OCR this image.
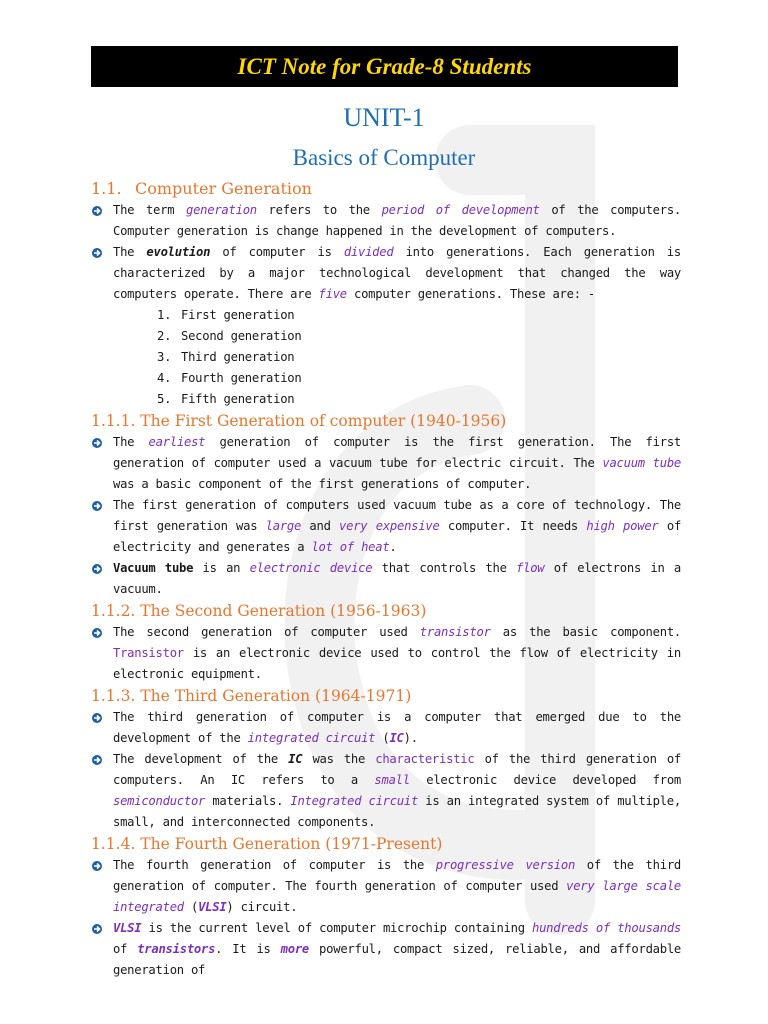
ICT Note for Grade-8 Students
UNIT-1
Basics of Computer
1.1. Computer Generation
The term generation refers to the period of development of the computers. Computer generation is change happened in the development of computers.
The evolution of computer is divided into generations. Each generation is characterized by a major technological development that changed the way computers operate. There are five computer generations. These are: -
1. First generation
2. Second generation
3. Third generation
4. Fourth generation
5. Fifth generation
1.1.1. The First Generation of computer (1940-1956)
The earliest generation of computer is the first generation. The first generation of computer used a vacuum tube for electric circuit. The vacuum tube was a basic component of the first generations of computer.
The first generation of computers used vacuum tube as a core of technology. The first generation was large and very expensive computer. It needs high power of electricity and generates a lot of heat.
Vacuum tube is an electronic device that controls the flow of electrons in a vacuum.
1.1.2. The Second Generation (1956-1963)
The second generation of computer used transistor as the basic component. Transistor is an electronic device used to control the flow of electricity in electronic equipment.
1.1.3. The Third Generation (1964-1971)
The third generation of computer is a computer that emerged due to the development of the integrated circuit (IC).
The development of the IC was the characteristic of the third generation of computers. An IC refers to a small electronic device developed from semiconductor materials. Integrated circuit is an integrated system of multiple, small, and interconnected components.
1.1.4. The Fourth Generation (1971-Present)
The fourth generation of computer is the progressive version of the third generation of computer. The fourth generation of computer used very large scale integrated (VLSI) circuit.
VLSI is the current level of computer microchip containing hundreds of thousands of transistors. It is more powerful, compact sized, reliable, and affordable generation of
